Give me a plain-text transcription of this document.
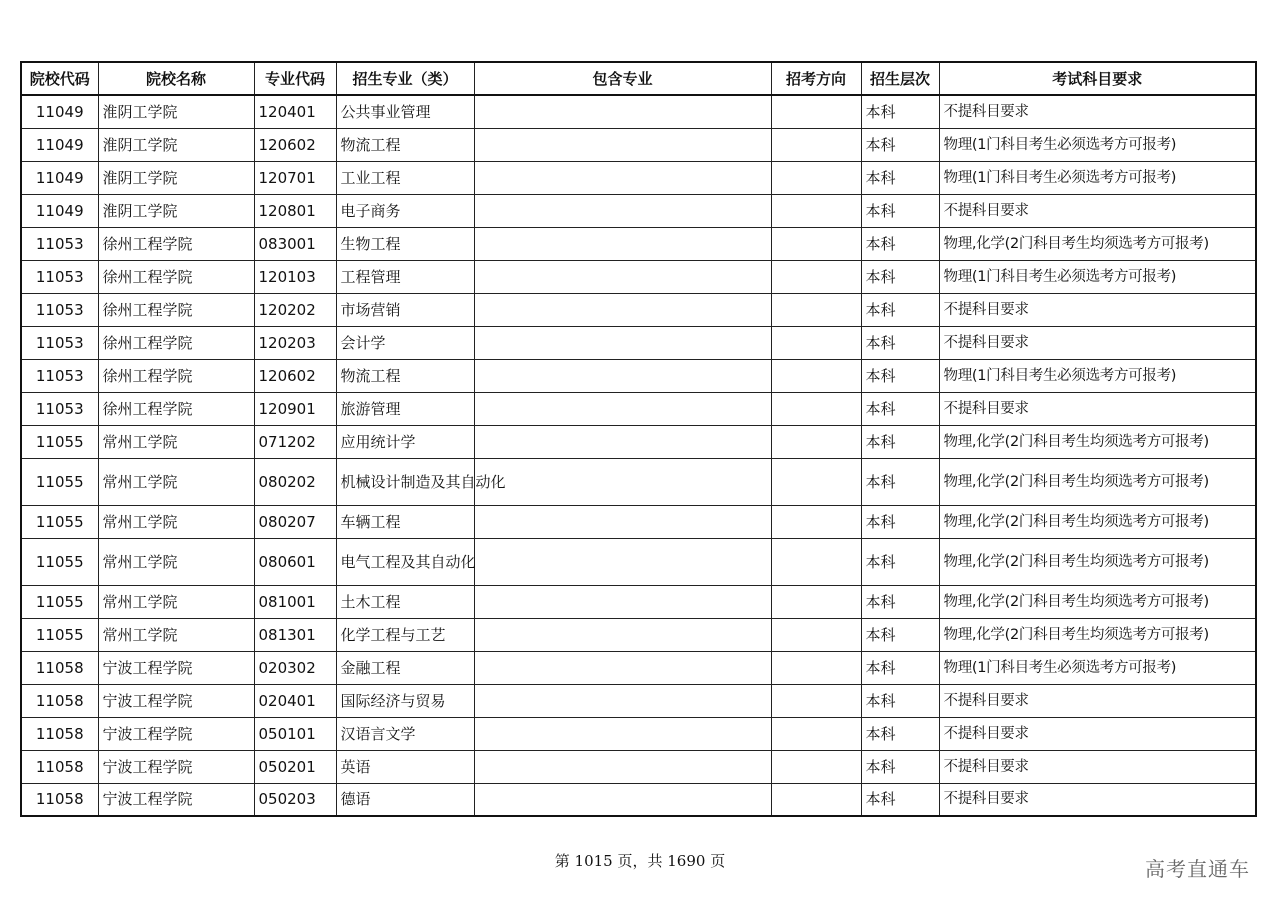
院校代码	院校名称	专业代码	招生专业（类）	包含专业	招考方向	招生层次	考试科目要求
11049	淮阴工学院	120401	公共事业管理			本科	不提科目要求
11049	淮阴工学院	120602	物流工程			本科	物理(1门科目考生必须选考方可报考)
11049	淮阴工学院	120701	工业工程			本科	物理(1门科目考生必须选考方可报考)
11049	淮阴工学院	120801	电子商务			本科	不提科目要求
11053	徐州工程学院	083001	生物工程			本科	物理,化学(2门科目考生均须选考方可报考)
11053	徐州工程学院	120103	工程管理			本科	物理(1门科目考生必须选考方可报考)
11053	徐州工程学院	120202	市场营销			本科	不提科目要求
11053	徐州工程学院	120203	会计学			本科	不提科目要求
11053	徐州工程学院	120602	物流工程			本科	物理(1门科目考生必须选考方可报考)
11053	徐州工程学院	120901	旅游管理			本科	不提科目要求
11055	常州工学院	071202	应用统计学			本科	物理,化学(2门科目考生均须选考方可报考)
11055	常州工学院	080202	机械设计制造及其自动化			本科	物理,化学(2门科目考生均须选考方可报考)
11055	常州工学院	080207	车辆工程			本科	物理,化学(2门科目考生均须选考方可报考)
11055	常州工学院	080601	电气工程及其自动化			本科	物理,化学(2门科目考生均须选考方可报考)
11055	常州工学院	081001	土木工程			本科	物理,化学(2门科目考生均须选考方可报考)
11055	常州工学院	081301	化学工程与工艺			本科	物理,化学(2门科目考生均须选考方可报考)
11058	宁波工程学院	020302	金融工程			本科	物理(1门科目考生必须选考方可报考)
11058	宁波工程学院	020401	国际经济与贸易			本科	不提科目要求
11058	宁波工程学院	050101	汉语言文学			本科	不提科目要求
11058	宁波工程学院	050201	英语			本科	不提科目要求
11058	宁波工程学院	050203	德语			本科	不提科目要求
第 1015 页，共 1690 页	高考直通车
